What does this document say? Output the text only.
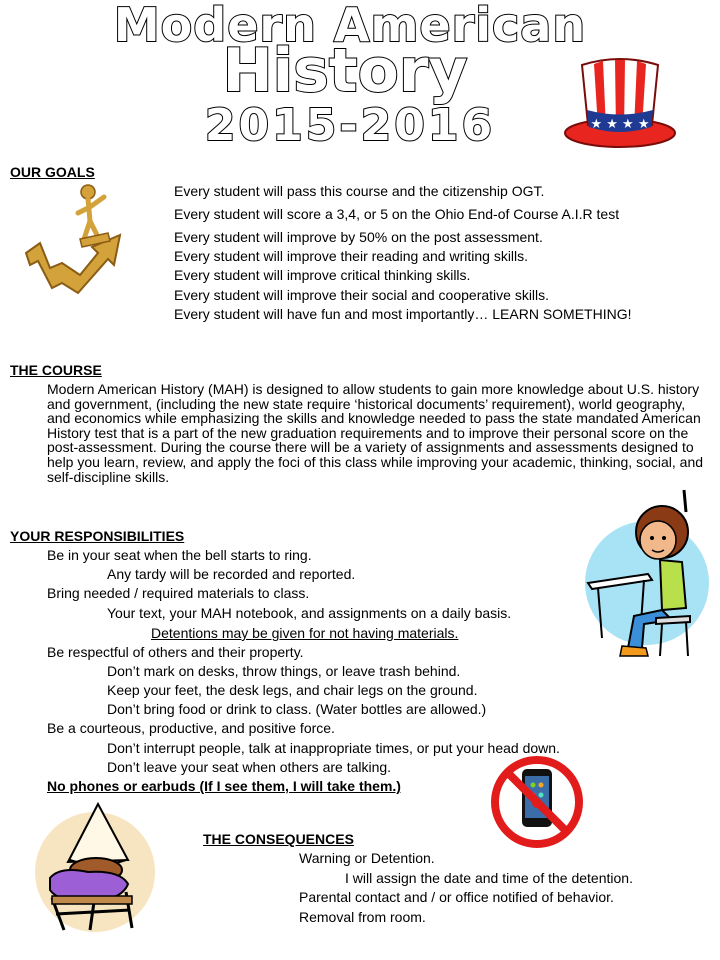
Modern American
History
2015-2016	★ ★ ★ ★
OUR GOALS
Every student will pass this course and the citizenship OGT.
Every student will score a 3,4, or 5 on the Ohio End-of Course A.I.R test
Every student will improve by 50% on the post assessment.
Every student will improve their reading and writing skills.
Every student will improve critical thinking skills.
Every student will improve their social and cooperative skills.
Every student will have fun and most importantly… LEARN SOMETHING!
THE COURSE
Modern American History (MAH) is designed to allow students to gain more knowledge about U.S. history and government, (including the new state require ‘historical documents’ requirement), world geography, and economics while emphasizing the skills and knowledge needed to pass the state mandated American History test that is a part of the new graduation requirements and to improve their personal score on the post-assessment. During the course there will be a variety of assignments and assessments designed to help you learn, review, and apply the foci of this class while improving your academic, thinking, social, and self-discipline skills.
YOUR RESPONSIBILITIES
Be in your seat when the bell starts to ring.
Any tardy will be recorded and reported.
Bring needed / required materials to class.
Your text, your MAH notebook, and assignments on a daily basis.
Detentions may be given for not having materials.
Be respectful of others and their property.
Don’t mark on desks, throw things, or leave trash behind.
Keep your feet, the desk legs, and chair legs on the ground.
Don’t bring food or drink to class. (Water bottles are allowed.)
Be a courteous, productive, and positive force.
Don’t interrupt people, talk at inappropriate times, or put your head down.
Don’t leave your seat when others are talking.
No phones or earbuds (If I see them, I will take them.)
THE CONSEQUENCES
Warning or Detention.
I will assign the date and time of the detention.
Parental contact and / or office notified of behavior.
Removal from room.
